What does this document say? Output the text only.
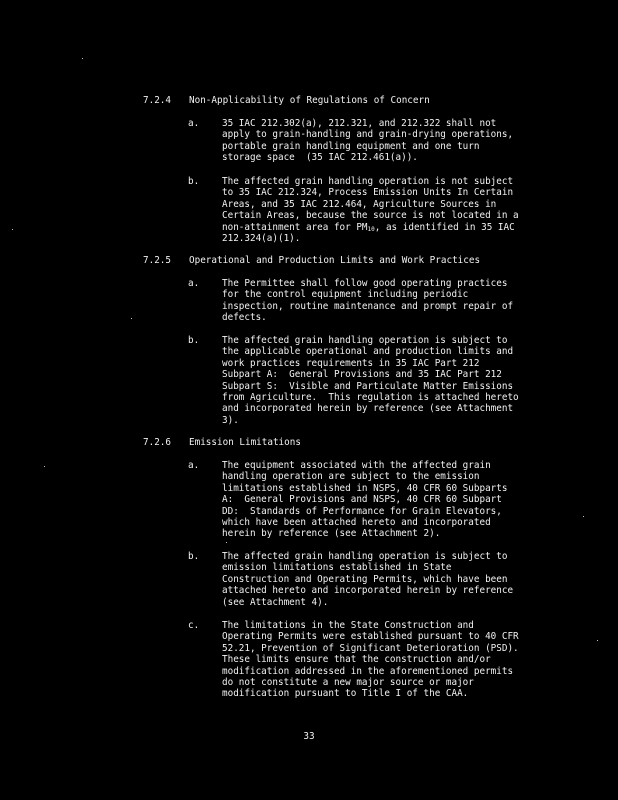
7.2.4 Non-Applicability of Regulations of Concern
a. 35 IAC 212.302(a), 212.321, and 212.322 shall not
apply to grain-handling and grain-drying operations,
portable grain handling equipment and one turn
storage space  (35 IAC 212.461(a)).
b. The affected grain handling operation is not subject
to 35 IAC 212.324, Process Emission Units In Certain
Areas, and 35 IAC 212.464, Agriculture Sources in
Certain Areas, because the source is not located in a
non-attainment area for $PM_{10}$, as identified in 35 IAC
212.324(a)(1).
7.2.5 Operational and Production Limits and Work Practices
a. The Permittee shall follow good operating practices
for the control equipment including periodic
inspection, routine maintenance and prompt repair of
defects.
b. The affected grain handling operation is subject to
the applicable operational and production limits and
work practices requirements in 35 IAC Part 212
Subpart A:  General Provisions and 35 IAC Part 212
Subpart S:  Visible and Particulate Matter Emissions
from Agriculture.  This regulation is attached hereto
and incorporated herein by reference (see Attachment
3).
7.2.6 Emission Limitations
a. The equipment associated with the affected grain
handling operation are subject to the emission
limitations established in NSPS, 40 CFR 60 Subparts
A:  General Provisions and NSPS, 40 CFR 60 Subpart
DD:  Standards of Performance for Grain Elevators,
which have been attached hereto and incorporated
herein by reference (see Attachment 2).
b. The affected grain handling operation is subject to
emission limitations established in State
Construction and Operating Permits, which have been
attached hereto and incorporated herein by reference
(see Attachment 4).
c. The limitations in the State Construction and
Operating Permits were established pursuant to 40 CFR
52.21, Prevention of Significant Deterioration (PSD).
These limits ensure that the construction and/or
modification addressed in the aforementioned permits
do not constitute a new major source or major
modification pursuant to Title I of the CAA.
33
